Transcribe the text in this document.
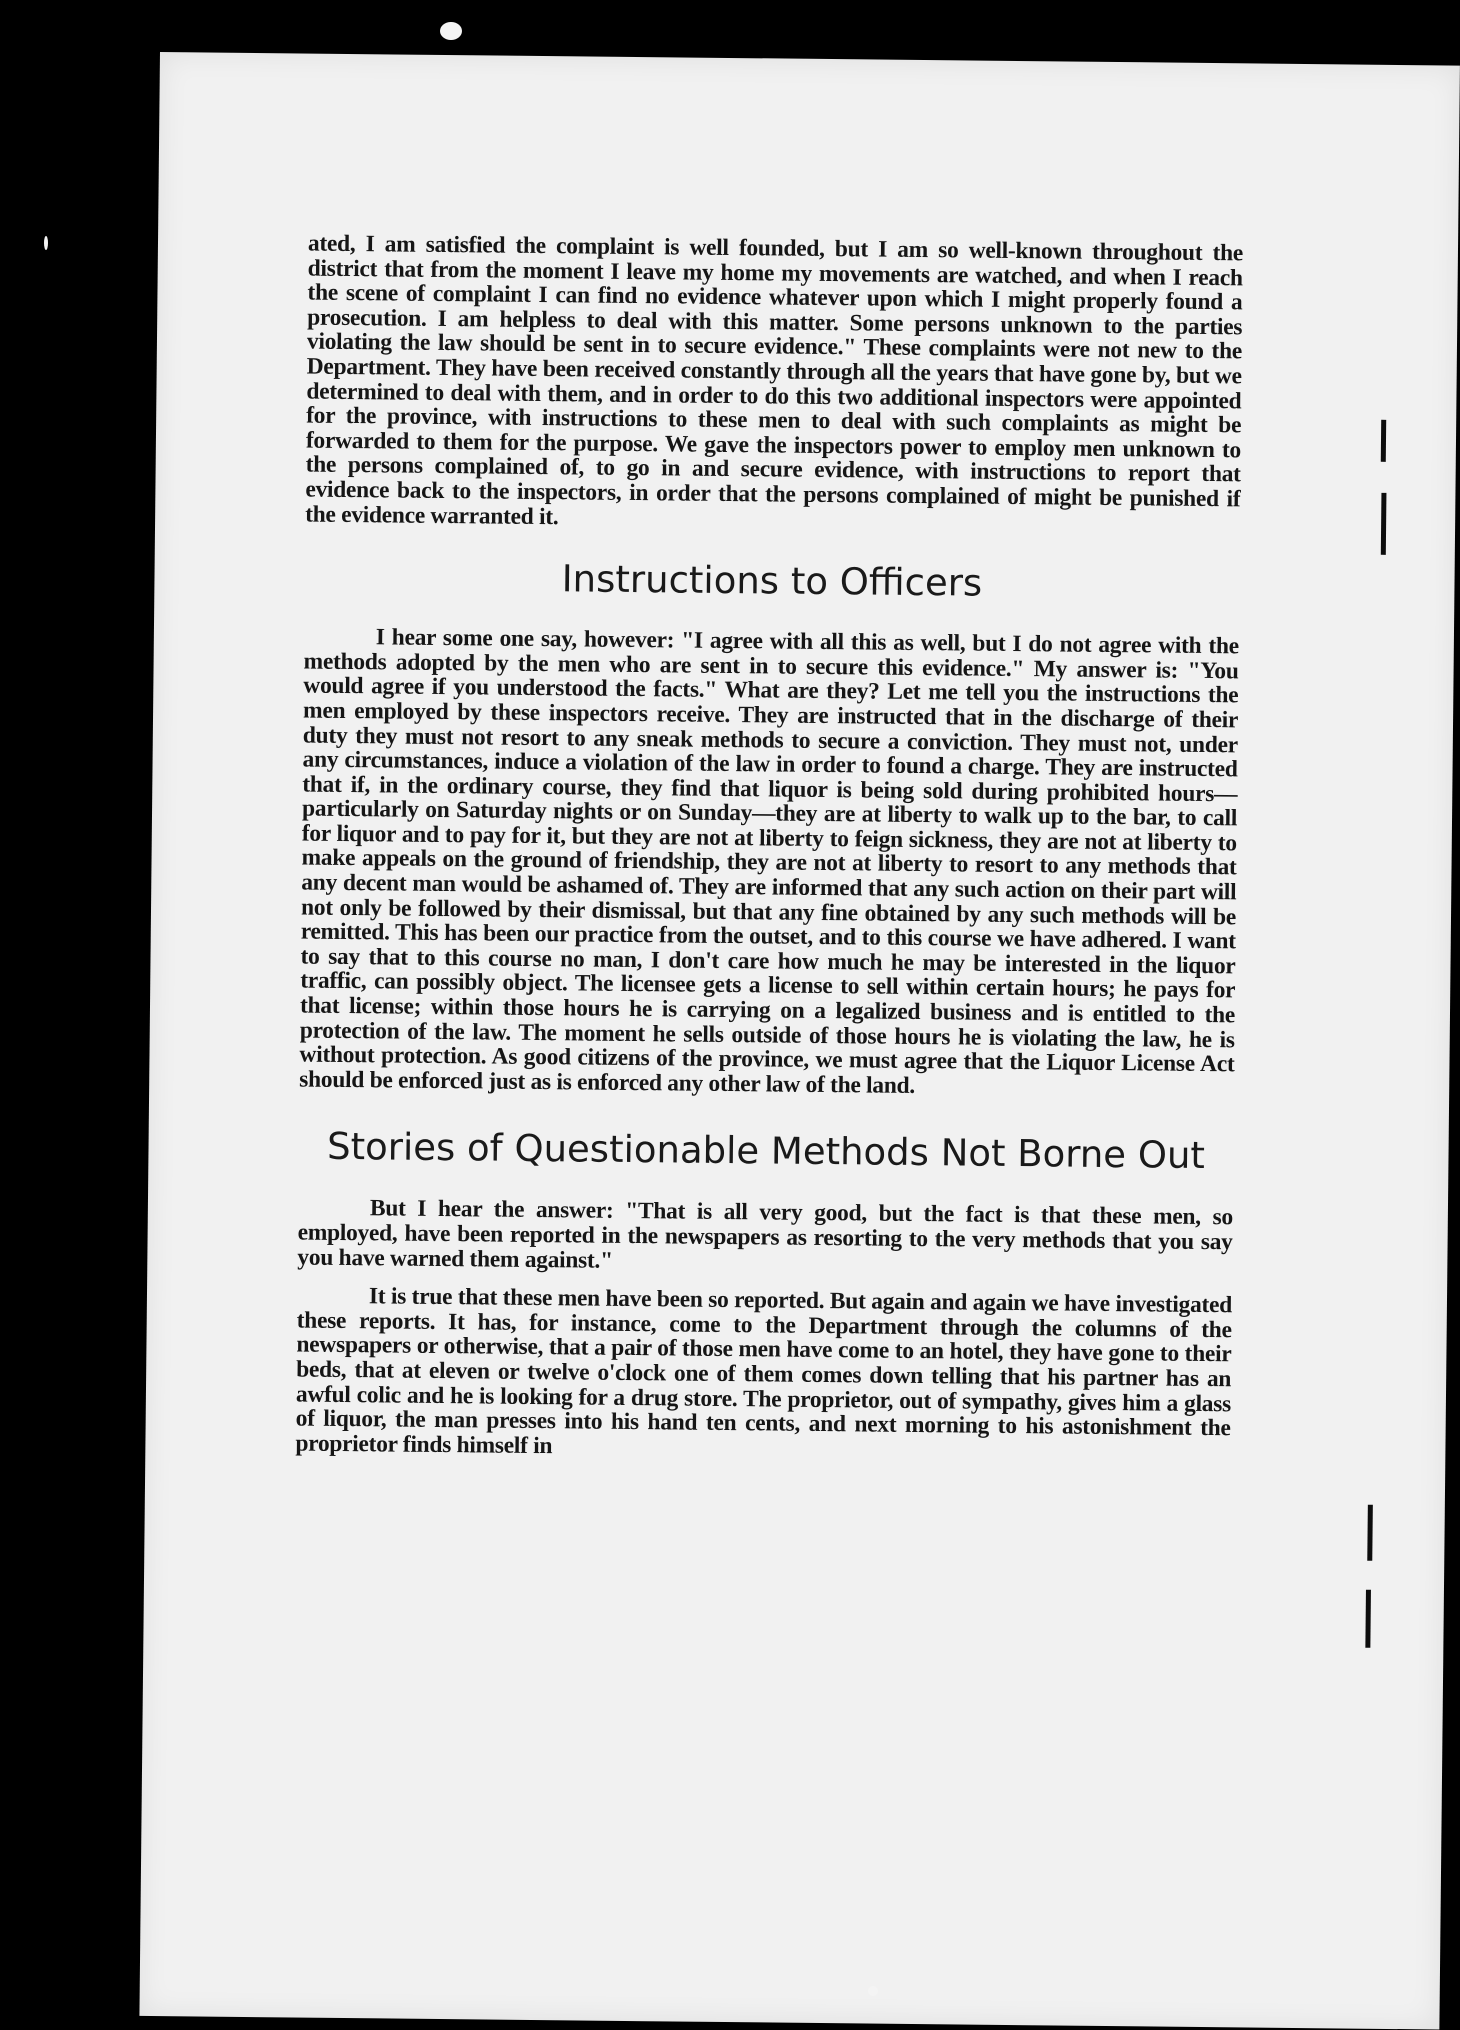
ated, I am satisfied the complaint is well founded, but I am so well-known throughout the district that from the moment I leave my home my movements are watched, and when I reach the scene of complaint I can find no evidence whatever upon which I might properly found a prosecution. I am helpless to deal with this matter. Some persons unknown to the parties violating the law should be sent in to secure evidence." These complaints were not new to the Department. They have been received constantly through all the years that have gone by, but we determined to deal with them, and in order to do this two additional inspectors were appointed for the province, with instructions to these men to deal with such complaints as might be forwarded to them for the purpose. We gave the inspectors power to employ men unknown to the persons complained of, to go in and secure evidence, with instructions to report that evidence back to the inspectors, in order that the persons complained of might be punished if the evidence warranted it.

Instructions to Officers

I hear some one say, however: "I agree with all this as well, but I do not agree with the methods adopted by the men who are sent in to secure this evidence." My answer is: "You would agree if you understood the facts." What are they? Let me tell you the instructions the men employed by these inspectors receive. They are instructed that in the discharge of their duty they must not resort to any sneak methods to secure a conviction. They must not, under any circumstances, induce a violation of the law in order to found a charge. They are instructed that if, in the ordinary course, they find that liquor is being sold during prohibited hours—particularly on Saturday nights or on Sunday—they are at liberty to walk up to the bar, to call for liquor and to pay for it, but they are not at liberty to feign sickness, they are not at liberty to make appeals on the ground of friendship, they are not at liberty to resort to any methods that any decent man would be ashamed of. They are informed that any such action on their part will not only be followed by their dismissal, but that any fine obtained by any such methods will be remitted. This has been our practice from the outset, and to this course we have adhered. I want to say that to this course no man, I don't care how much he may be interested in the liquor traffic, can possibly object. The licensee gets a license to sell within certain hours; he pays for that license; within those hours he is carrying on a legalized business and is entitled to the protection of the law. The moment he sells outside of those hours he is violating the law, he is without protection. As good citizens of the province, we must agree that the Liquor License Act should be enforced just as is enforced any other law of the land.

Stories of Questionable Methods Not Borne Out

But I hear the answer: "That is all very good, but the fact is that these men, so employed, have been reported in the newspapers as resorting to the very methods that you say you have warned them against."

It is true that these men have been so reported. But again and again we have investigated these reports. It has, for instance, come to the Department through the columns of the newspapers or otherwise, that a pair of those men have come to an hotel, they have gone to their beds, that at eleven or twelve o'clock one of them comes down telling that his partner has an awful colic and he is looking for a drug store. The proprietor, out of sympathy, gives him a glass of liquor, the man presses into his hand ten cents, and next morning to his astonishment the proprietor finds himself in
